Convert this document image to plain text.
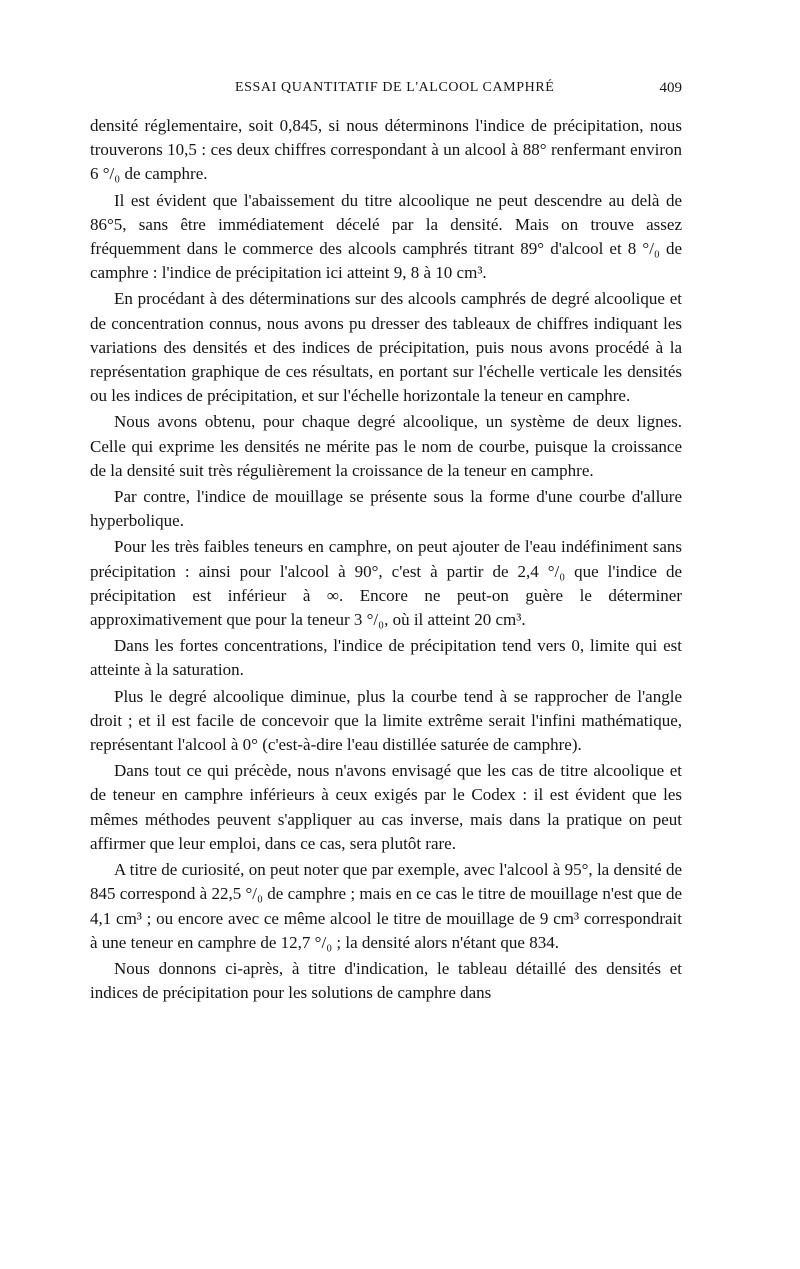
ESSAI QUANTITATIF DE L'ALCOOL CAMPHRÉ	409

densité réglementaire, soit 0,845, si nous déterminons l'indice de précipitation, nous trouverons 10,5 : ces deux chiffres correspondant à un alcool à 88° renfermant environ 6 °/₀ de camphre.

Il est évident que l'abaissement du titre alcoolique ne peut descendre au delà de 86°5, sans être immédiatement décelé par la densité. Mais on trouve assez fréquemment dans le commerce des alcools camphrés titrant 89° d'alcool et 8 °/₀ de camphre : l'indice de précipitation ici atteint 9, 8 à 10 cm³.

En procédant à des déterminations sur des alcools camphrés de degré alcoolique et de concentration connus, nous avons pu dresser des tableaux de chiffres indiquant les variations des densités et des indices de précipitation, puis nous avons procédé à la représentation graphique de ces résultats, en portant sur l'échelle verticale les densités ou les indices de précipitation, et sur l'échelle horizontale la teneur en camphre.

Nous avons obtenu, pour chaque degré alcoolique, un système de deux lignes. Celle qui exprime les densités ne mérite pas le nom de courbe, puisque la croissance de la densité suit très régulièrement la croissance de la teneur en camphre.

Par contre, l'indice de mouillage se présente sous la forme d'une courbe d'allure hyperbolique.

Pour les très faibles teneurs en camphre, on peut ajouter de l'eau indéfiniment sans précipitation : ainsi pour l'alcool à 90°, c'est à partir de 2,4 °/₀ que l'indice de précipitation est inférieur à ∞. Encore ne peut-on guère le déterminer approximativement que pour la teneur 3 °/₀, où il atteint 20 cm³.

Dans les fortes concentrations, l'indice de précipitation tend vers 0, limite qui est atteinte à la saturation.

Plus le degré alcoolique diminue, plus la courbe tend à se rapprocher de l'angle droit ; et il est facile de concevoir que la limite extrême serait l'infini mathématique, représentant l'alcool à 0° (c'est-à-dire l'eau distillée saturée de camphre).

Dans tout ce qui précède, nous n'avons envisagé que les cas de titre alcoolique et de teneur en camphre inférieurs à ceux exigés par le Codex : il est évident que les mêmes méthodes peuvent s'appliquer au cas inverse, mais dans la pratique on peut affirmer que leur emploi, dans ce cas, sera plutôt rare.

A titre de curiosité, on peut noter que par exemple, avec l'alcool à 95°, la densité de 845 correspond à 22,5 °/₀ de camphre ; mais en ce cas le titre de mouillage n'est que de 4,1 cm³ ; ou encore avec ce même alcool le titre de mouillage de 9 cm³ correspondrait à une teneur en camphre de 12,7 °/₀ ; la densité alors n'étant que 834.

Nous donnons ci-après, à titre d'indication, le tableau détaillé des densités et indices de précipitation pour les solutions de camphre dans
